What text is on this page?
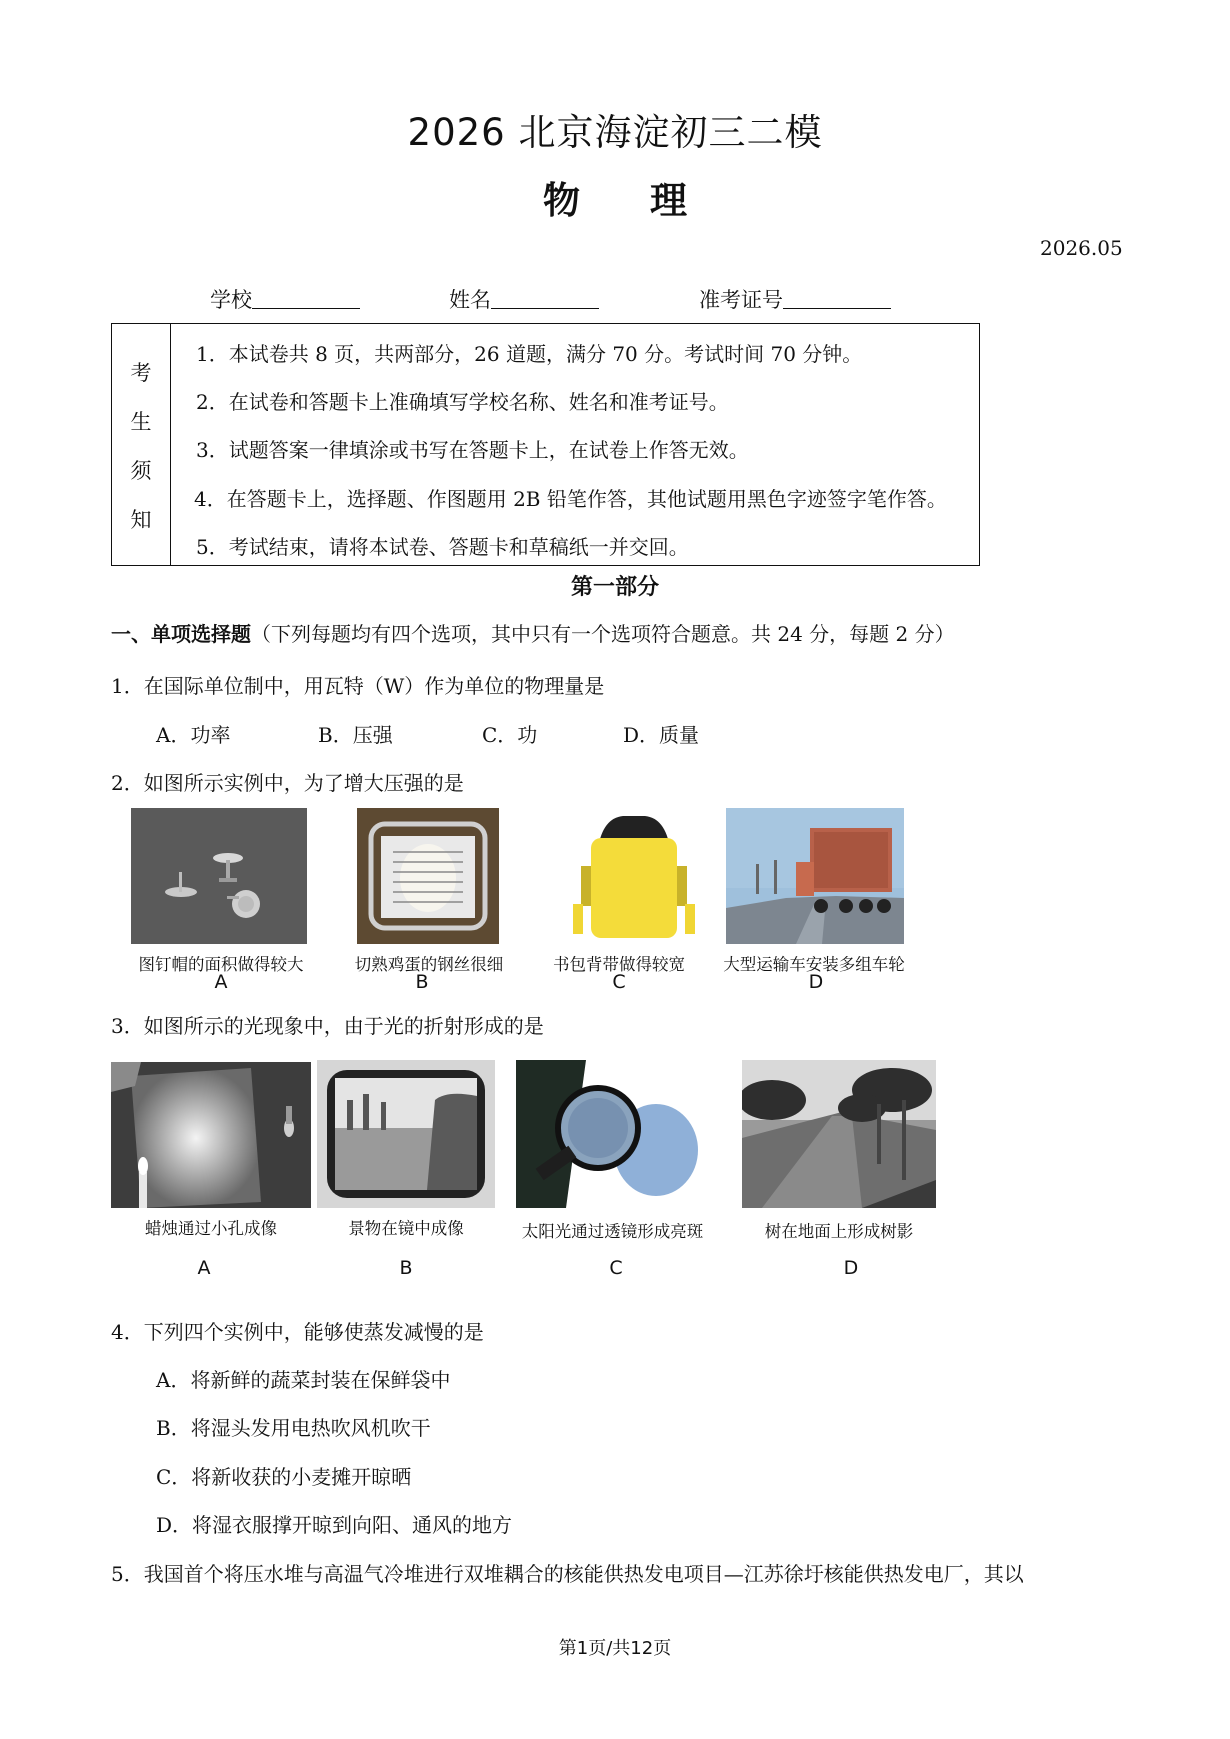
2026 北京海淀初三二模
物理
2026.05
学校	姓名	准考证号
考
生
须
知
1．本试卷共 8 页，共两部分，26 道题，满分 70 分。考试时间 70 分钟。
2．在试卷和答题卡上准确填写学校名称、姓名和准考证号。
3．试题答案一律填涂或书写在答题卡上，在试卷上作答无效。
4．在答题卡上，选择题、作图题用 2B 铅笔作答，其他试题用黑色字迹签字笔作答。
5．考试结束，请将本试卷、答题卡和草稿纸一并交回。
第一部分
一、单项选择题（下列每题均有四个选项，其中只有一个选项符合题意。共 24 分，每题 2 分）
1．在国际单位制中，用瓦特（W）作为单位的物理量是
A．功率	B．压强	C．功	D．质量
2．如图所示实例中，为了增大压强的是
图钉帽的面积做得较大	切熟鸡蛋的钢丝很细	书包背带做得较宽	大型运输车安装多组车轮
A	B	C	D
3．如图所示的光现象中，由于光的折射形成的是
蜡烛通过小孔成像	景物在镜中成像	太阳光通过透镜形成亮斑	树在地面上形成树影
A	B	C	D
4．下列四个实例中，能够使蒸发减慢的是
A．将新鲜的蔬菜封装在保鲜袋中
B．将湿头发用电热吹风机吹干
C．将新收获的小麦摊开晾晒
D．将湿衣服撑开晾到向阳、通风的地方
5．我国首个将压水堆与高温气冷堆进行双堆耦合的核能供热发电项目—江苏徐圩核能供热发电厂，其以
第1页/共12页
